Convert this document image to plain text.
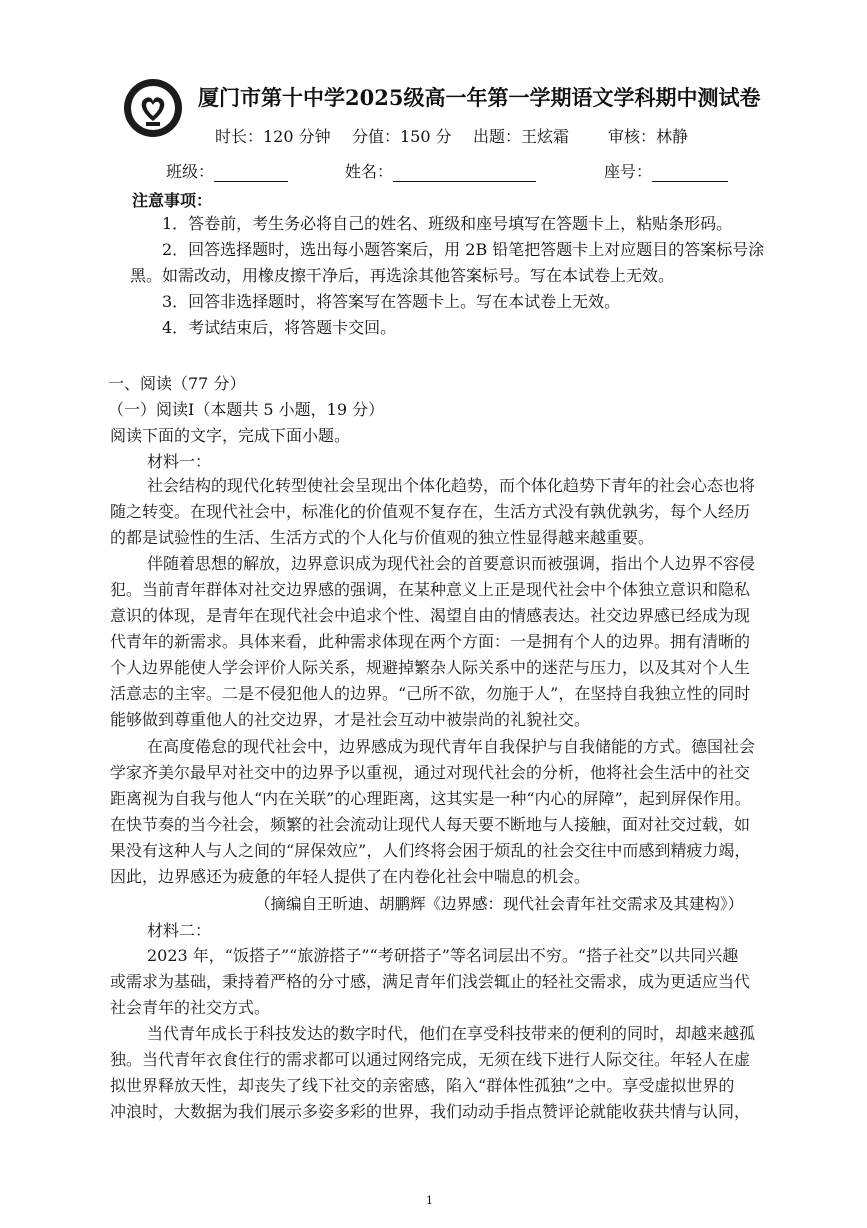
厦门市第十中学2025级高一年第一学期语文学科期中测试卷
时长：120 分钟 分值：150 分 出题：王炫霜 审核：林静
班级：	姓名：	座号：
注意事项：
1．答卷前，考生务必将自己的姓名、班级和座号填写在答题卡上，粘贴条形码。
2．回答选择题时，选出每小题答案后，用 2B 铅笔把答题卡上对应题目的答案标号涂
黑。如需改动，用橡皮擦干净后，再选涂其他答案标号。写在本试卷上无效。
3．回答非选择题时，将答案写在答题卡上。写在本试卷上无效。
4．考试结束后，将答题卡交回。
一、阅读（77 分）
（一）阅读Ⅰ（本题共 5 小题，19 分）
阅读下面的文字，完成下面小题。
材料一：
社会结构的现代化转型使社会呈现出个体化趋势，而个体化趋势下青年的社会心态也将
随之转变。在现代社会中，标准化的价值观不复存在，生活方式没有孰优孰劣，每个人经历
的都是试验性的生活、生活方式的个人化与价值观的独立性显得越来越重要。
伴随着思想的解放，边界意识成为现代社会的首要意识而被强调，指出个人边界不容侵
犯。当前青年群体对社交边界感的强调，在某种意义上正是现代社会中个体独立意识和隐私
意识的体现，是青年在现代社会中追求个性、渴望自由的情感表达。社交边界感已经成为现
代青年的新需求。具体来看，此种需求体现在两个方面：一是拥有个人的边界。拥有清晰的
个人边界能使人学会评价人际关系，规避掉繁杂人际关系中的迷茫与压力，以及其对个人生
活意志的主宰。二是不侵犯他人的边界。“己所不欲，勿施于人”，在坚持自我独立性的同时
能够做到尊重他人的社交边界，才是社会互动中被崇尚的礼貌社交。
在高度倦怠的现代社会中，边界感成为现代青年自我保护与自我储能的方式。德国社会
学家齐美尔最早对社交中的边界予以重视，通过对现代社会的分析，他将社会生活中的社交
距离视为自我与他人“内在关联”的心理距离，这其实是一种“内心的屏障”，起到屏保作用。
在快节奏的当今社会，频繁的社会流动让现代人每天要不断地与人接触，面对社交过载，如
果没有这种人与人之间的“屏保效应”，人们终将会困于烦乱的社会交往中而感到精疲力竭，
因此，边界感还为疲惫的年轻人提供了在内卷化社会中喘息的机会。
（摘编自王昕迪、胡鹏辉《边界感：现代社会青年社交需求及其建构》）
材料二：
2023 年，“饭搭子”“旅游搭子”“考研搭子”等名词层出不穷。“搭子社交”以共同兴趣
或需求为基础，秉持着严格的分寸感，满足青年们浅尝辄止的轻社交需求，成为更适应当代
社会青年的社交方式。
当代青年成长于科技发达的数字时代，他们在享受科技带来的便利的同时，却越来越孤
独。当代青年衣食住行的需求都可以通过网络完成，无须在线下进行人际交往。年轻人在虚
拟世界释放天性，却丧失了线下社交的亲密感，陷入“群体性孤独”之中。享受虚拟世界的
冲浪时，大数据为我们展示多姿多彩的世界，我们动动手指点赞评论就能收获共情与认同，
1
